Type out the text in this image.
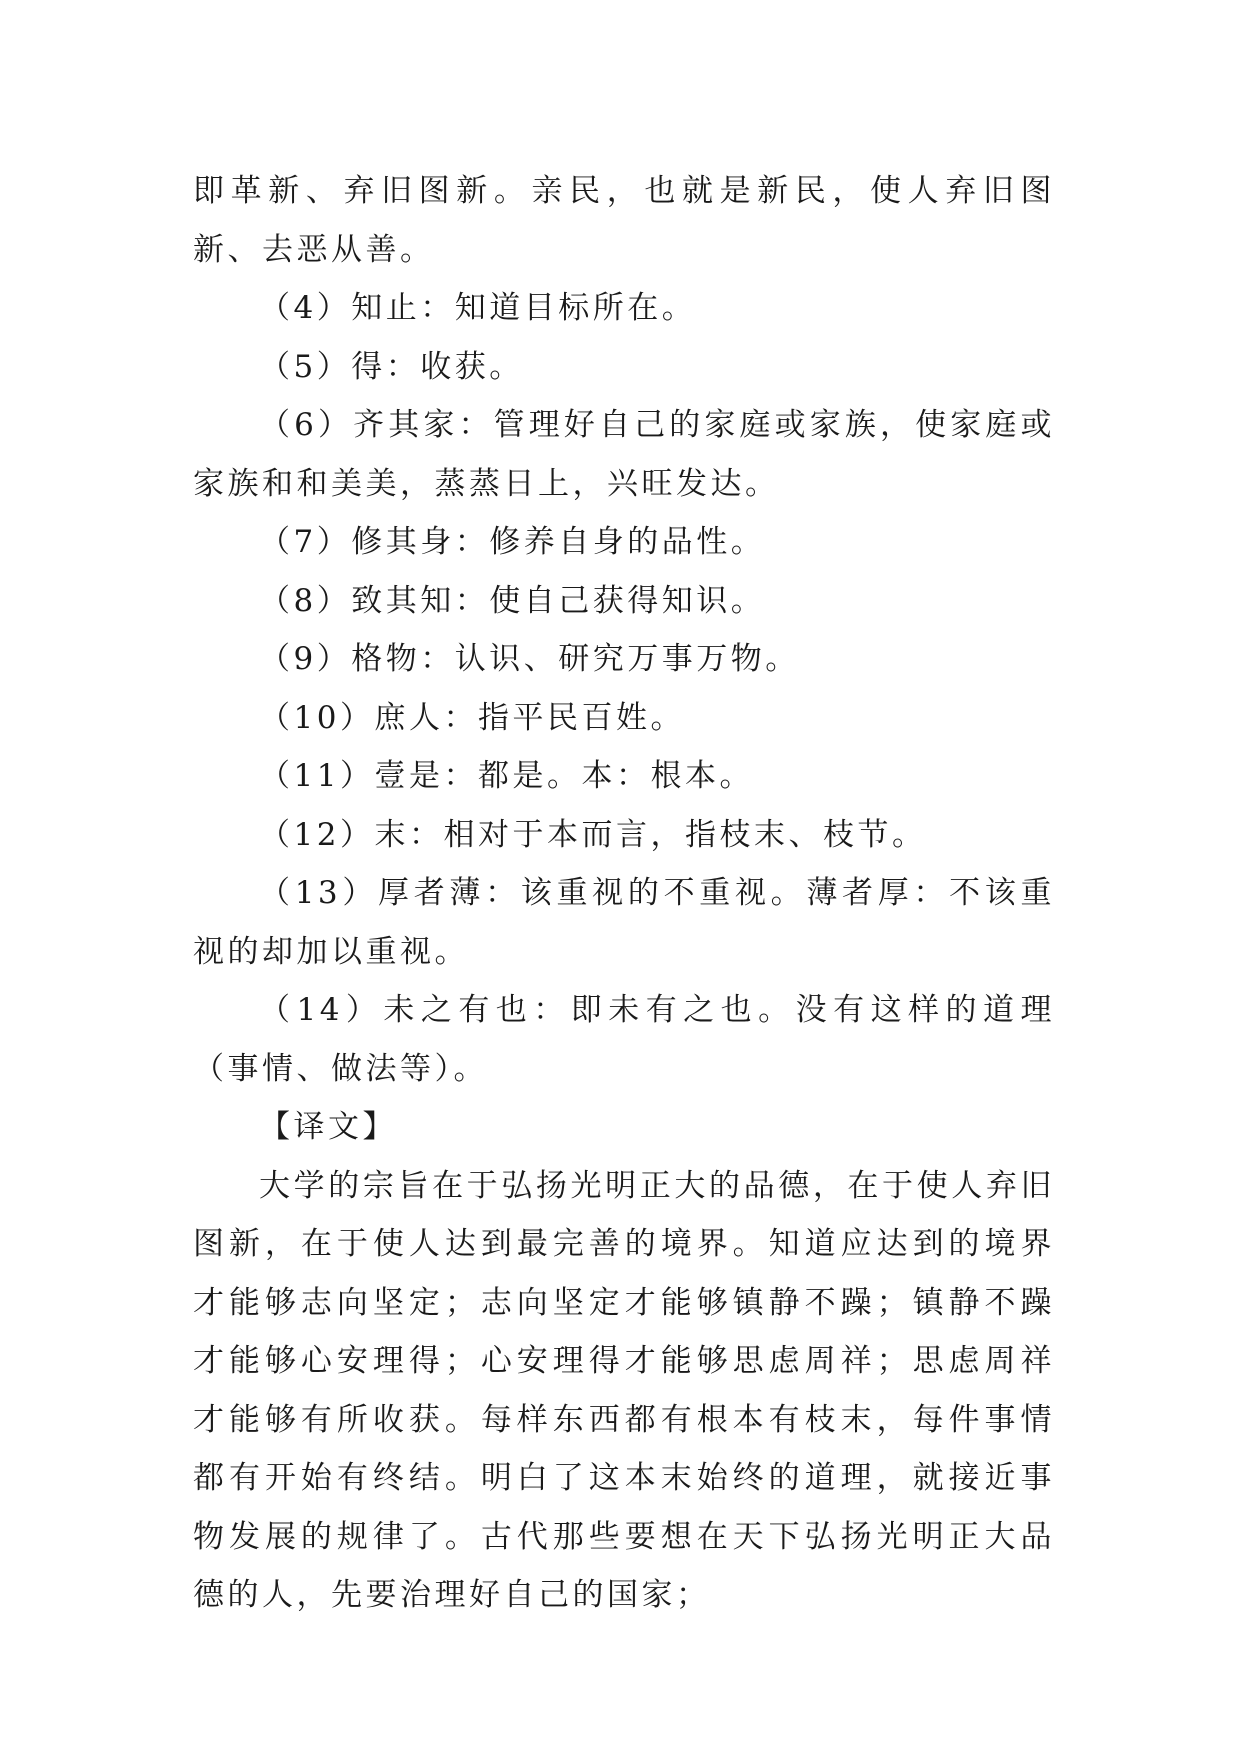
即革新、弃旧图新。亲民，也就是新民，使人弃旧图新、去恶从善。

（4）知止：知道目标所在。

（5）得：收获。

（6）齐其家：管理好自己的家庭或家族，使家庭或家族和和美美，蒸蒸日上，兴旺发达。

（7）修其身：修养自身的品性。

（8）致其知：使自己获得知识。

（9）格物：认识、研究万事万物。

（10）庶人：指平民百姓。

（11）壹是：都是。本：根本。

（12）末：相对于本而言，指枝末、枝节。

（13）厚者薄：该重视的不重视。薄者厚：不该重视的却加以重视。

（14）未之有也：即未有之也。没有这样的道理（事情、做法等）。

【译文】

大学的宗旨在于弘扬光明正大的品德，在于使人弃旧图新，在于使人达到最完善的境界。知道应达到的境界才能够志向坚定；志向坚定才能够镇静不躁；镇静不躁才能够心安理得；心安理得才能够思虑周祥；思虑周祥才能够有所收获。每样东西都有根本有枝末，每件事情都有开始有终结。明白了这本末始终的道理，就接近事物发展的规律了。古代那些要想在天下弘扬光明正大品德的人，先要治理好自己的国家；
